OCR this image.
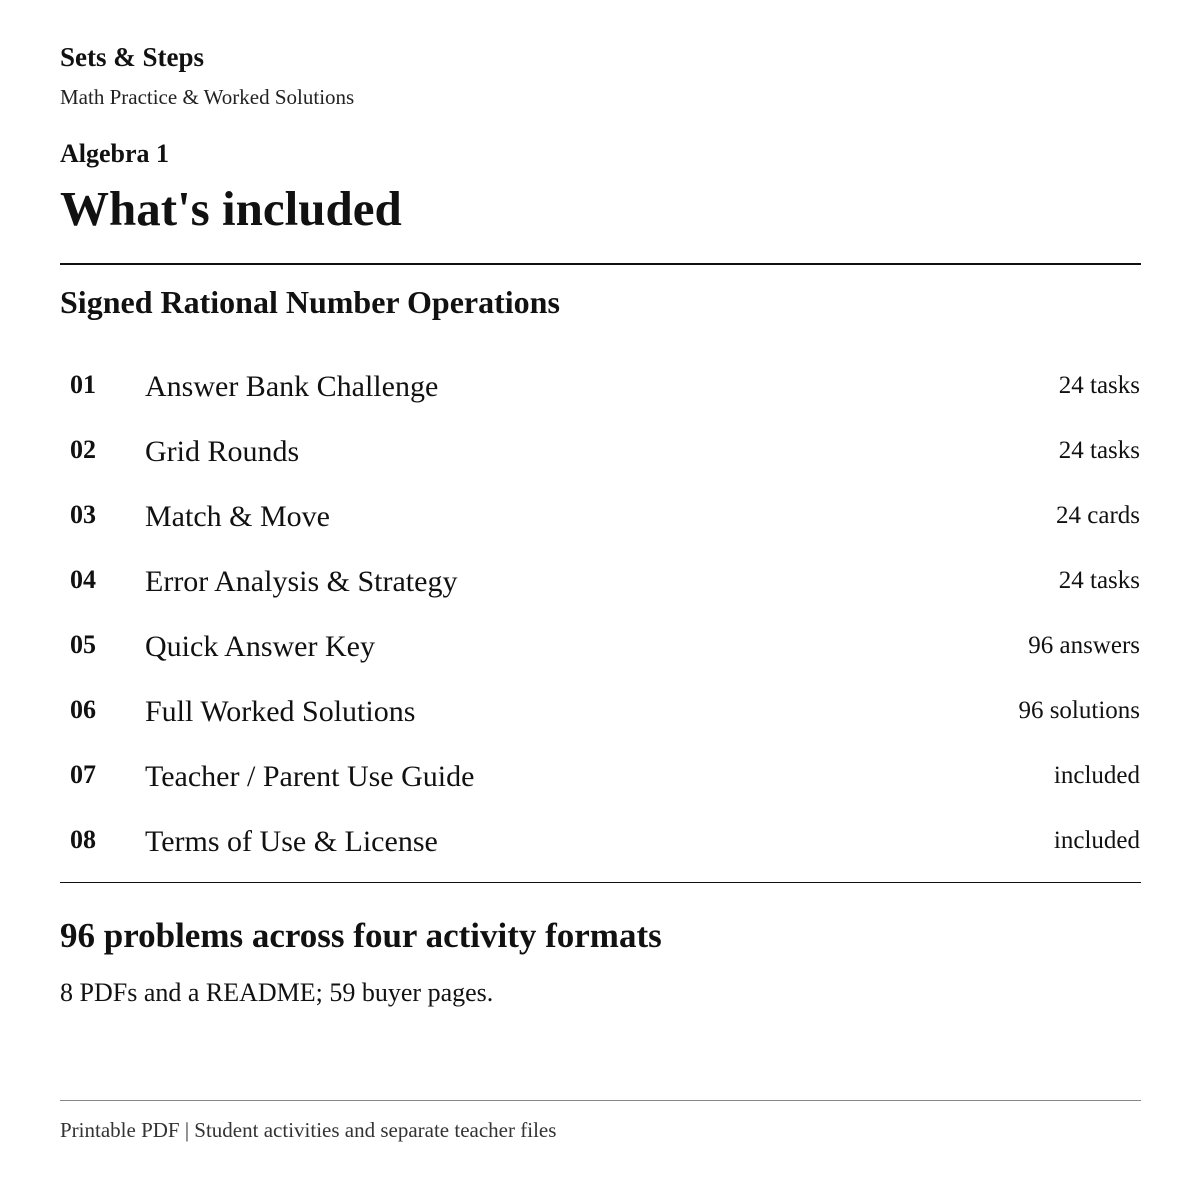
Sets & Steps
Math Practice & Worked Solutions
Algebra 1
What's included
Signed Rational Number Operations
01 Answer Bank Challenge	24 tasks
02 Grid Rounds	24 tasks
03 Match & Move	24 cards
04 Error Analysis & Strategy	24 tasks
05 Quick Answer Key	96 answers
06 Full Worked Solutions	96 solutions
07 Teacher / Parent Use Guide	included
08 Terms of Use & License	included
96 problems across four activity formats
8 PDFs and a README; 59 buyer pages.
Printable PDF | Student activities and separate teacher files
